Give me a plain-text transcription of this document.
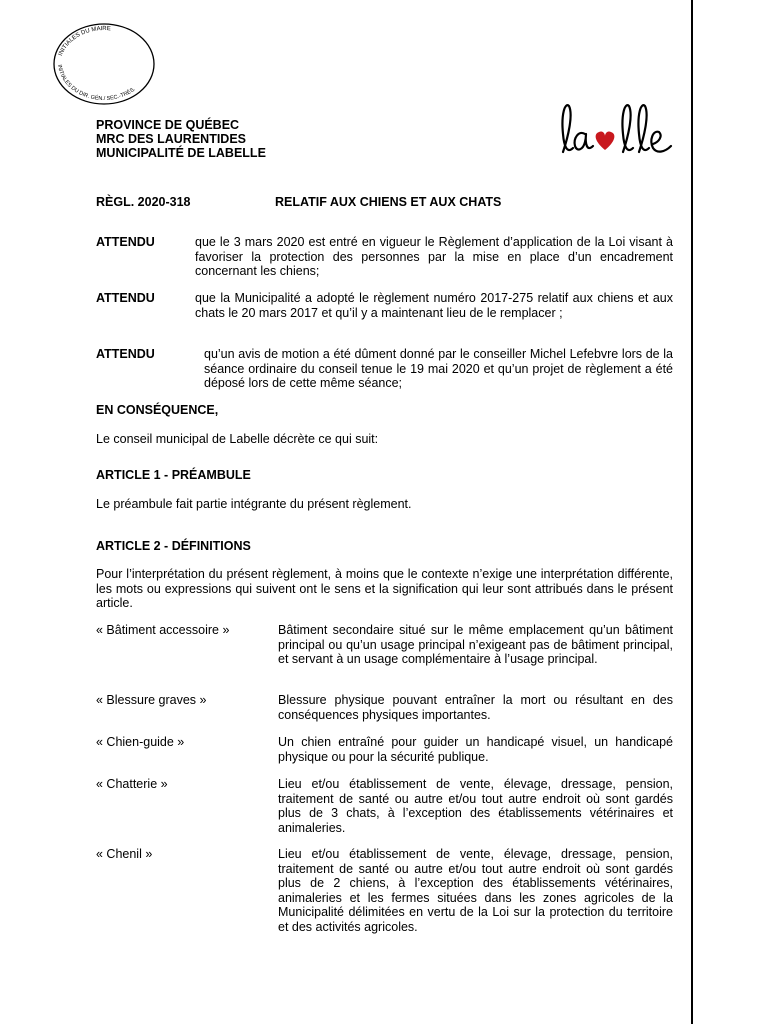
INITIALES DU MAIRE
INITIALES DU DIR. GÉN./ SEC.-TRÉS.
PROVINCE DE QUÉBEC
MRC DES LAURENTIDES
MUNICIPALITÉ DE LABELLE
RÈGL. 2020-318	RELATIF AUX CHIENS ET AUX CHATS
ATTENDU	que le 3 mars 2020 est entré en vigueur le Règlement d’application de la Loi visant à favoriser la protection des personnes par la mise en place d’un encadrement concernant les chiens;
ATTENDU	que la Municipalité a adopté le règlement numéro 2017-275 relatif aux chiens et aux chats le 20 mars 2017 et qu’il y a maintenant lieu de le remplacer ;
ATTENDU	qu’un avis de motion a été dûment donné par le conseiller Michel Lefebvre lors de la séance ordinaire du conseil tenue le 19 mai 2020 et qu’un projet de règlement a été déposé lors de cette même séance;
EN CONSÉQUENCE,
Le conseil municipal de Labelle décrète ce qui suit:
ARTICLE 1 - PRÉAMBULE
Le préambule fait partie intégrante du présent règlement.
ARTICLE 2 - DÉFINITIONS
Pour l’interprétation du présent règlement, à moins que le contexte n’exige une interprétation différente, les mots ou expressions qui suivent ont le sens et la signification qui leur sont attribués dans le présent article.
« Bâtiment accessoire »	Bâtiment secondaire situé sur le même emplacement qu’un bâtiment principal ou qu’un usage principal n’exigeant pas de bâtiment principal, et servant à un usage complémentaire à l’usage principal.
« Blessure graves »	Blessure physique pouvant entraîner la mort ou résultant en des conséquences physiques importantes.
« Chien-guide »	Un chien entraîné pour guider un handicapé visuel, un handicapé physique ou pour la sécurité publique.
« Chatterie »	Lieu et/ou établissement de vente, élevage, dressage, pension, traitement de santé ou autre et/ou tout autre endroit où sont gardés plus de 3 chats, à l’exception des établissements vétérinaires et animaleries.
« Chenil »	Lieu et/ou établissement de vente, élevage, dressage, pension, traitement de santé ou autre et/ou tout autre endroit où sont gardés plus de 2 chiens, à l’exception des établissements vétérinaires, animaleries et les fermes situées dans les zones agricoles de la Municipalité délimitées en vertu de la Loi sur la protection du territoire et des activités agricoles.
